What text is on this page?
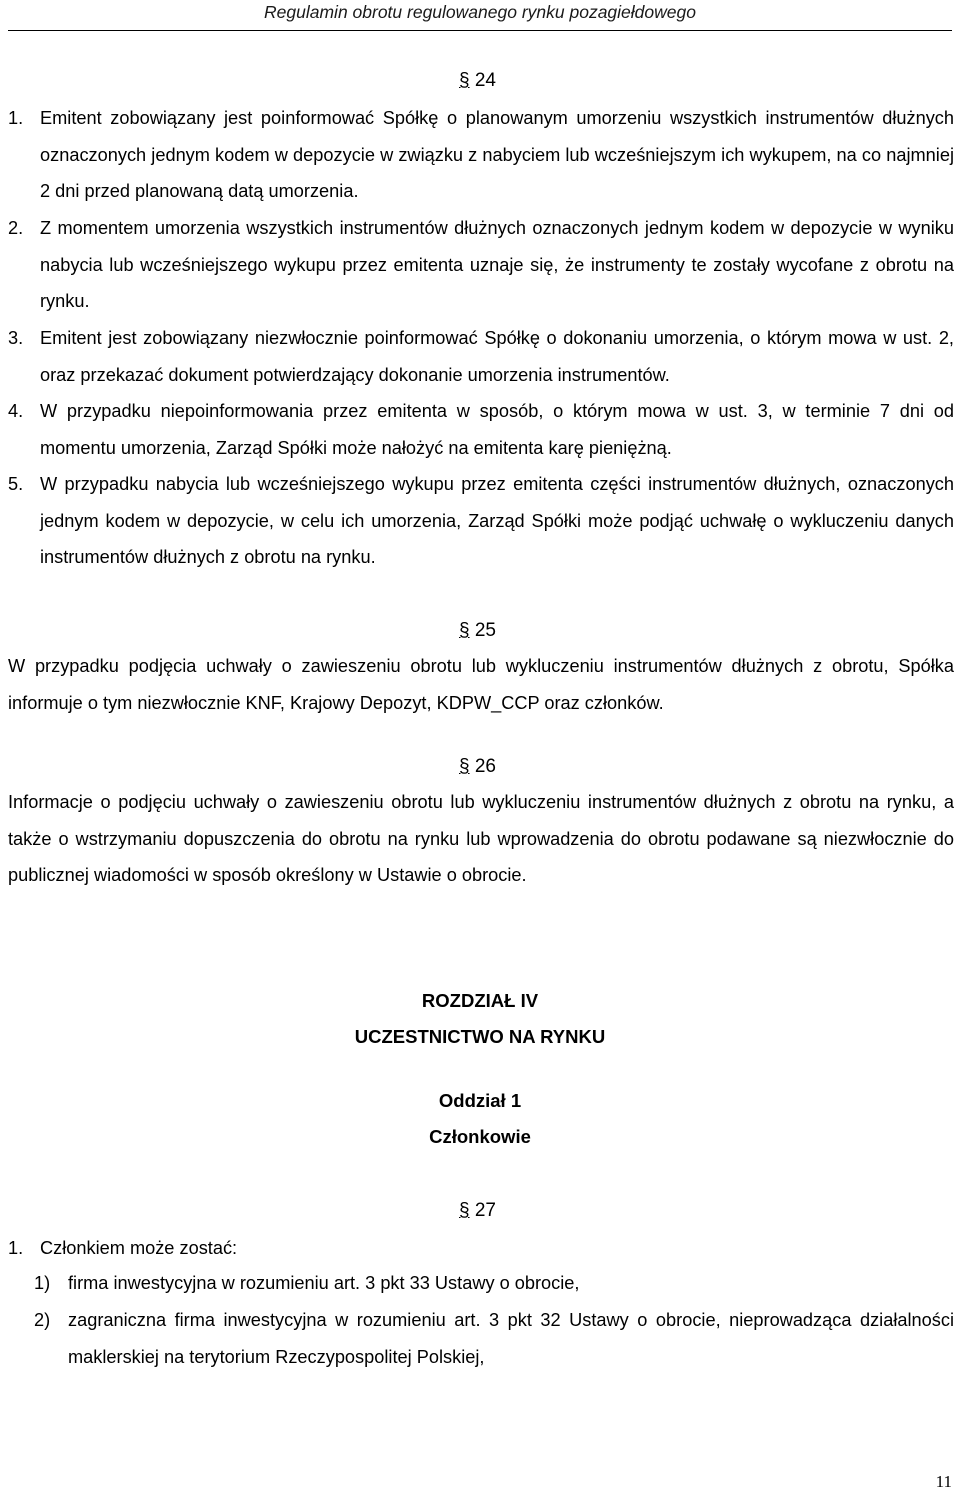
Regulamin obrotu regulowanego rynku pozagiełdowego
§ 24
1. Emitent zobowiązany jest poinformować Spółkę o planowanym umorzeniu wszystkich instrumentów dłużnych oznaczonych jednym kodem w depozycie w związku z nabyciem lub wcześniejszym ich wykupem, na co najmniej 2 dni przed planowaną datą umorzenia.
2. Z momentem umorzenia wszystkich instrumentów dłużnych oznaczonych jednym kodem w depozycie w wyniku nabycia lub wcześniejszego wykupu przez emitenta uznaje się, że instrumenty te zostały wycofane z obrotu na rynku.
3. Emitent jest zobowiązany niezwłocznie poinformować Spółkę o dokonaniu umorzenia, o którym mowa w ust. 2, oraz przekazać dokument potwierdzający dokonanie umorzenia instrumentów.
4. W przypadku niepoinformowania przez emitenta w sposób, o którym mowa w ust. 3, w terminie 7 dni od momentu umorzenia, Zarząd Spółki może nałożyć na emitenta karę pieniężną.
5. W przypadku nabycia lub wcześniejszego wykupu przez emitenta części instrumentów dłużnych, oznaczonych jednym kodem w depozycie, w celu ich umorzenia, Zarząd Spółki może podjąć uchwałę o wykluczeniu danych instrumentów dłużnych z obrotu na rynku.
§ 25
W przypadku podjęcia uchwały o zawieszeniu obrotu lub wykluczeniu instrumentów dłużnych z obrotu, Spółka informuje o tym niezwłocznie KNF, Krajowy Depozyt, KDPW_CCP oraz członków.
§ 26
Informacje o podjęciu uchwały o zawieszeniu obrotu lub wykluczeniu instrumentów dłużnych z obrotu na rynku, a także o wstrzymaniu dopuszczenia do obrotu na rynku lub wprowadzenia do obrotu podawane są niezwłocznie do publicznej wiadomości w sposób określony w Ustawie o obrocie.
ROZDZIAŁ IV
UCZESTNICTWO NA RYNKU
Oddział 1
Członkowie
§ 27
1. Członkiem może zostać:
1) firma inwestycyjna w rozumieniu art. 3 pkt 33 Ustawy o obrocie,
2) zagraniczna firma inwestycyjna w rozumieniu art. 3 pkt 32 Ustawy o obrocie, nieprowadząca działalności maklerskiej na terytorium Rzeczypospolitej Polskiej,
11
